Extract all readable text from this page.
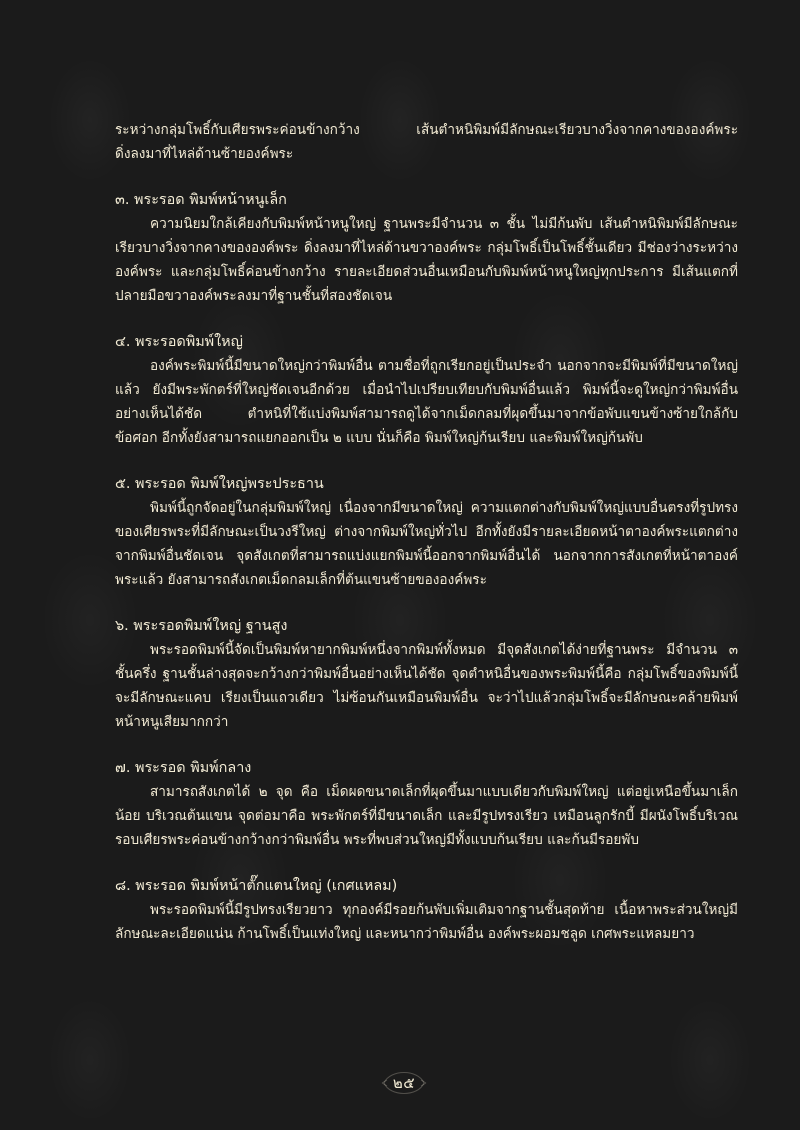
ระหว่างกลุ่มโพธิ์กับเศียรพระค่อนข้างกว้าง เส้นตำหนิพิมพ์มีลักษณะเรียวบางวิ่งจากคางขององค์พระ

ดิ่งลงมาที่ไหล่ด้านซ้ายองค์พระ

๓. พระรอด พิมพ์หน้าหนูเล็ก

ความนิยมใกล้เคียงกับพิมพ์หน้าหนูใหญ่ ฐานพระมีจำนวน ๓ ชั้น ไม่มีก้นพับ เส้นตำหนิพิมพ์มีลักษณะเรียวบางวิ่งจากคางขององค์พระ ดิ่งลงมาที่ไหล่ด้านขวาองค์พระ กลุ่มโพธิ์เป็นโพธิ์ชั้นเดียว มีช่องว่างระหว่างองค์พระ และกลุ่มโพธิ์ค่อนข้างกว้าง รายละเอียดส่วนอื่นเหมือนกับพิมพ์หน้าหนูใหญ่ทุกประการ มีเส้นแตกที่ปลายมือขวาองค์พระลงมาที่ฐานชั้นที่สองชัดเจน

๔. พระรอดพิมพ์ใหญ่

องค์พระพิมพ์นี้มีขนาดใหญ่กว่าพิมพ์อื่น ตามชื่อที่ถูกเรียกอยู่เป็นประจำ นอกจากจะมีพิมพ์ที่มีขนาดใหญ่แล้ว ยังมีพระพักตร์ที่ใหญ่ชัดเจนอีกด้วย เมื่อนำไปเปรียบเทียบกับพิมพ์อื่นแล้ว พิมพ์นี้จะดูใหญ่กว่าพิมพ์อื่นอย่างเห็นได้ชัด ตำหนิที่ใช้แบ่งพิมพ์สามารถดูได้จากเม็ดกลมที่ผุดขึ้นมาจากข้อพับแขนข้างซ้ายใกล้กับข้อศอก อีกทั้งยังสามารถแยกออกเป็น ๒ แบบ นั่นก็คือ พิมพ์ใหญ่ก้นเรียบ และพิมพ์ใหญ่ก้นพับ

๕. พระรอด พิมพ์ใหญ่พระประธาน

พิมพ์นี้ถูกจัดอยู่ในกลุ่มพิมพ์ใหญ่ เนื่องจากมีขนาดใหญ่ ความแตกต่างกับพิมพ์ใหญ่แบบอื่นตรงที่รูปทรงของเศียรพระที่มีลักษณะเป็นวงรีใหญ่ ต่างจากพิมพ์ใหญ่ทั่วไป อีกทั้งยังมีรายละเอียดหน้าตาองค์พระแตกต่างจากพิมพ์อื่นชัดเจน จุดสังเกตที่สามารถแบ่งแยกพิมพ์นี้ออกจากพิมพ์อื่นได้ นอกจากการสังเกตที่หน้าตาองค์พระแล้ว ยังสามารถสังเกตเม็ดกลมเล็กที่ต้นแขนซ้ายขององค์พระ

๖. พระรอดพิมพ์ใหญ่ ฐานสูง

พระรอดพิมพ์นี้จัดเป็นพิมพ์หายากพิมพ์หนึ่งจากพิมพ์ทั้งหมด มีจุดสังเกตได้ง่ายที่ฐานพระ มีจำนวน ๓ ชั้นครึ่ง ฐานชั้นล่างสุดจะกว้างกว่าพิมพ์อื่นอย่างเห็นได้ชัด จุดตำหนิอื่นของพระพิมพ์นี้คือ กลุ่มโพธิ์ของพิมพ์นี้จะมีลักษณะแคบ เรียงเป็นแถวเดียว ไม่ซ้อนกันเหมือนพิมพ์อื่น จะว่าไปแล้วกลุ่มโพธิ์จะมีลักษณะคล้ายพิมพ์หน้าหนูเสียมากกว่า

๗. พระรอด พิมพ์กลาง

สามารถสังเกตได้ ๒ จุด คือ เม็ดผดขนาดเล็กที่ผุดขึ้นมาแบบเดียวกับพิมพ์ใหญ่ แต่อยู่เหนือขึ้นมาเล็กน้อย บริเวณต้นแขน จุดต่อมาคือ พระพักตร์ที่มีขนาดเล็ก และมีรูปทรงเรียว เหมือนลูกรักบี้ มีผนังโพธิ์บริเวณรอบเศียรพระค่อนข้างกว้างกว่าพิมพ์อื่น พระที่พบส่วนใหญ่มีทั้งแบบก้นเรียบ และก้นมีรอยพับ

๘. พระรอด พิมพ์หน้าตั๊กแตนใหญ่ (เกศแหลม)

พระรอดพิมพ์นี้มีรูปทรงเรียวยาว ทุกองค์มีรอยก้นพับเพิ่มเติมจากฐานชั้นสุดท้าย เนื้อหาพระส่วนใหญ่มีลักษณะละเอียดแน่น ก้านโพธิ์เป็นแท่งใหญ่ และหนากว่าพิมพ์อื่น องค์พระผอมชลูด เกศพระแหลมยาว

๒๕
